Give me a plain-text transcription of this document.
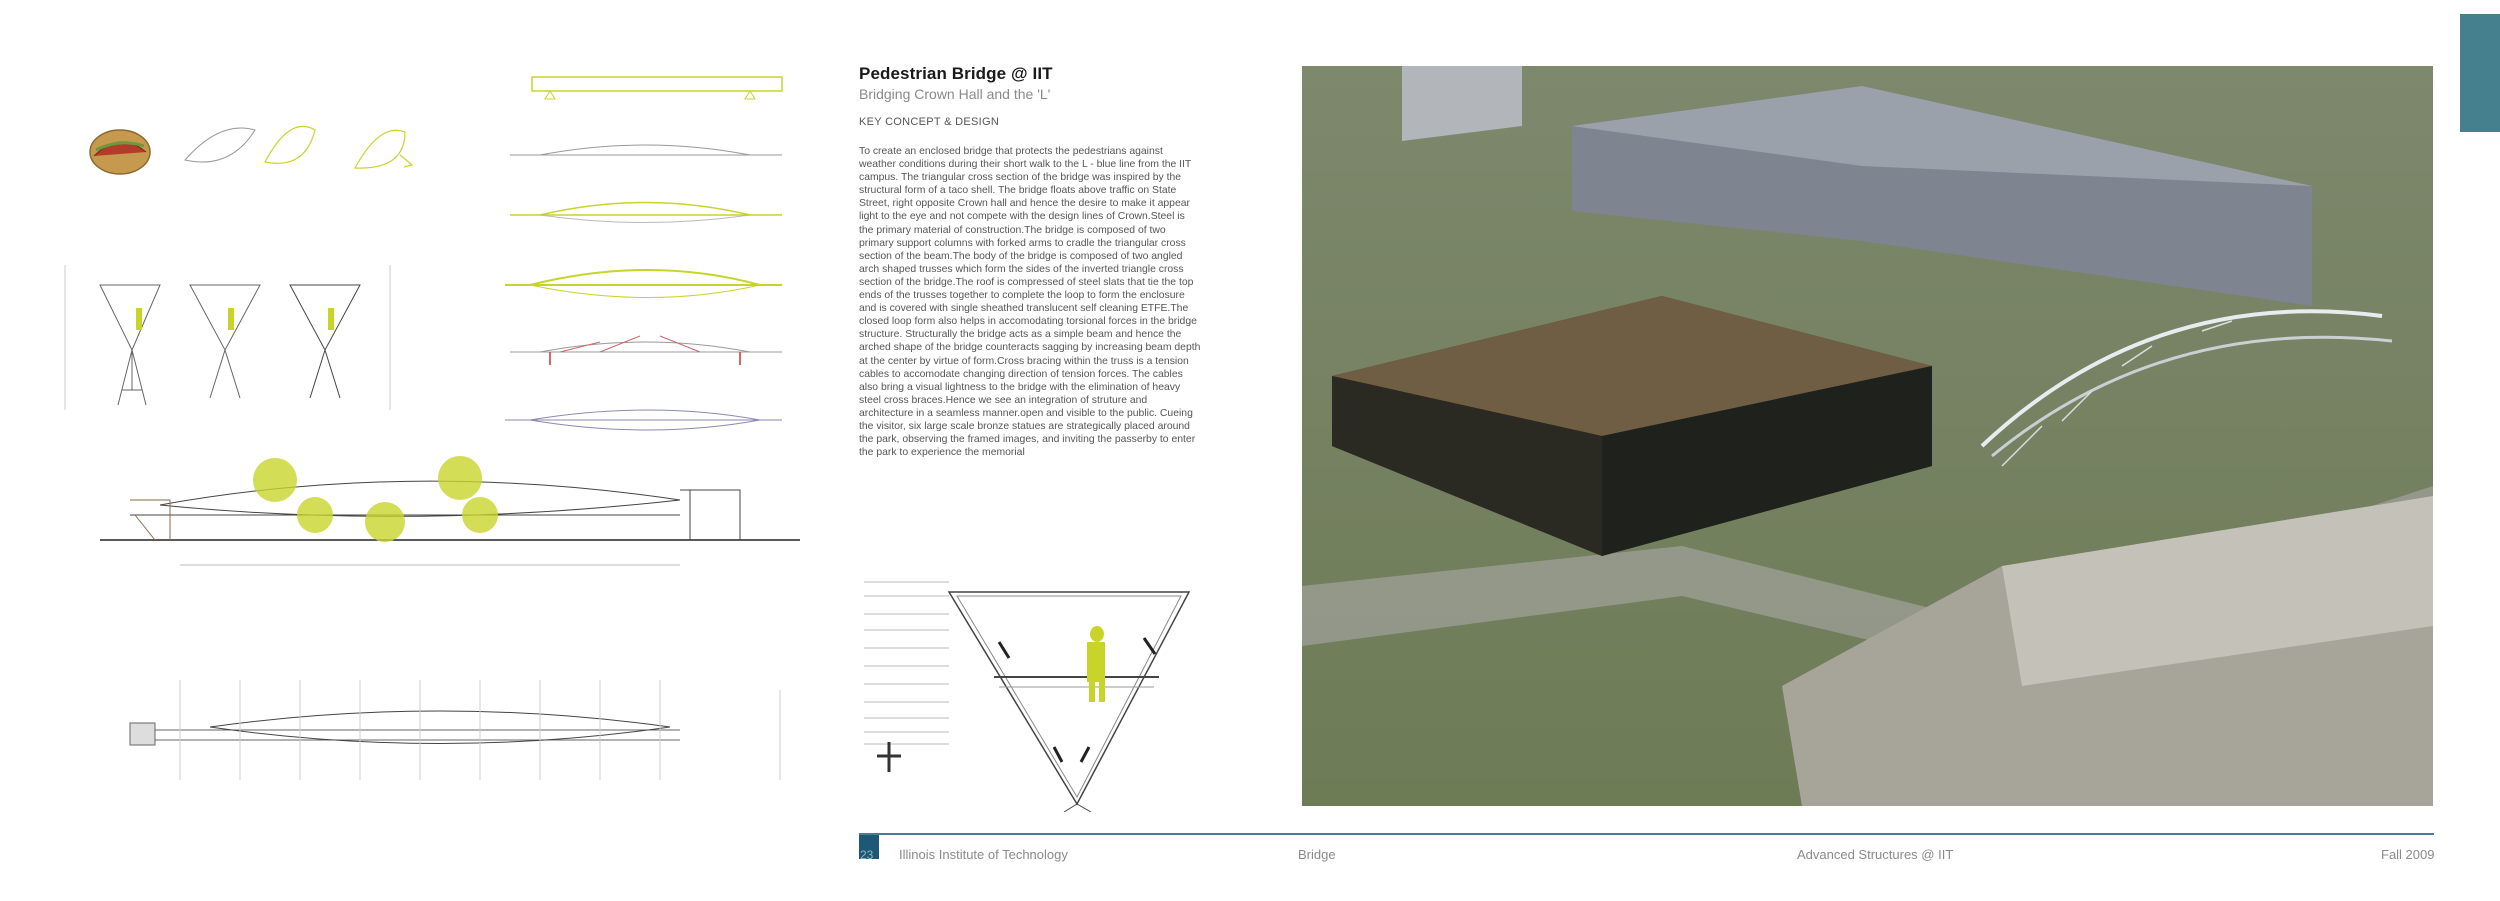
Pedestrian Bridge @ IIT
Bridging Crown Hall and the 'L'
KEY CONCEPT & DESIGN
To create an enclosed bridge that protects the pedestrians against weather conditions during their short walk to the L - blue line from the IIT campus. The triangular cross section of the bridge was inspired by the structural form of a taco shell. The bridge floats above traffic on State Street, right opposite Crown hall and hence the desire to make it appear light to the eye and not compete with the design lines of Crown.Steel is the primary material of construction.The bridge is composed of two primary support columns with forked arms to cradle the triangular cross section of the beam.The body of the bridge is composed of two angled arch shaped trusses which form the sides of the inverted triangle cross section of the bridge.The roof is compressed of steel slats that tie the top ends of the trusses together to complete the loop to form the enclosure and is covered with single sheathed translucent self cleaning ETFE.The closed loop form also helps in accomodating torsional forces in the bridge structure. Structurally the bridge acts as a simple beam and hence the arched shape of the bridge counteracts sagging by increasing beam depth at the center by virtue of form.Cross bracing within the truss is a tension cables to accomodate changing direction of tension forces. The cables also bring a visual lightness to the bridge with the elimination of heavy steel cross braces.Hence we see an integration of struture and architecture in a seamless manner.open and visible to the public. Cueing the visitor, six large scale bronze statues are strategically placed around the park, observing the framed images, and inviting the passerby to enter the park to experience the memorial
23 Illinois Institute of Technology	Bridge	Advanced Structures @ IIT	Fall 2009
